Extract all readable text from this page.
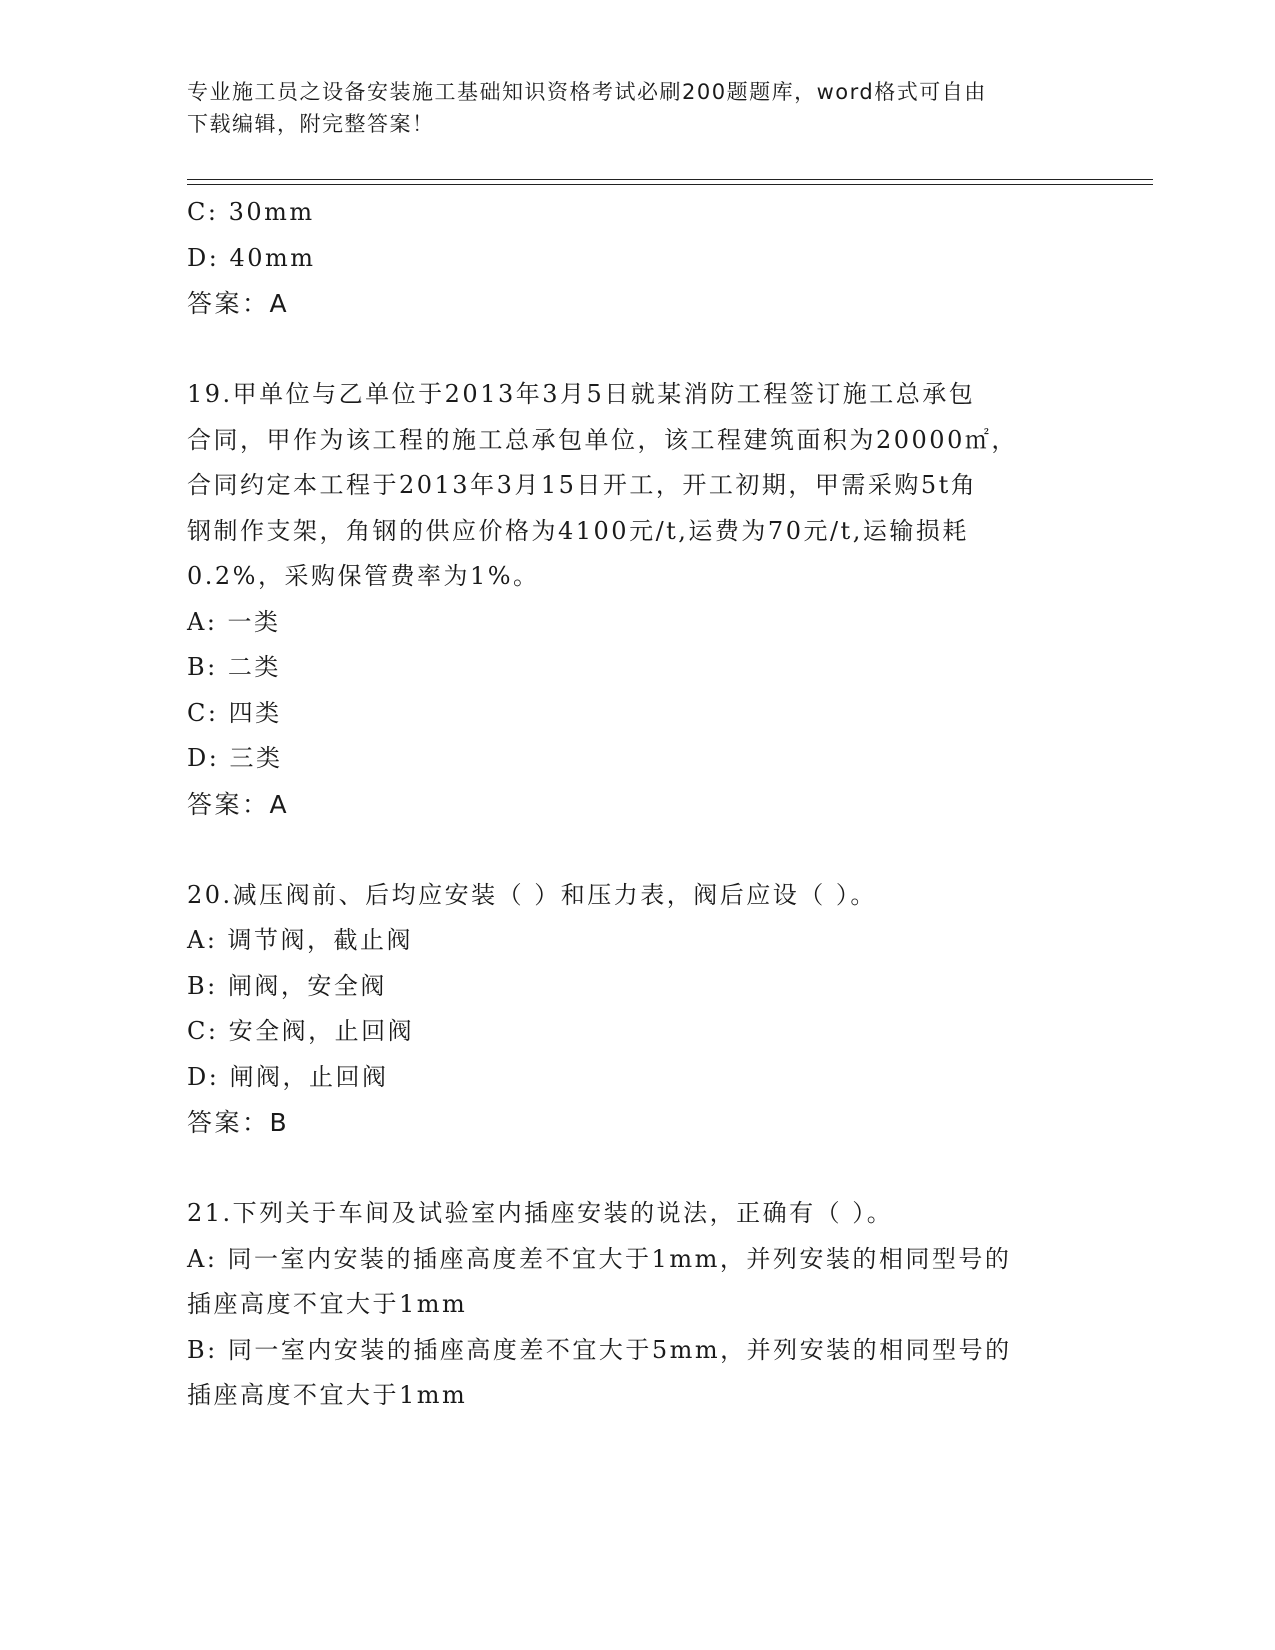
专业施工员之设备安装施工基础知识资格考试必刷200题题库，word格式可自由
下载编辑，附完整答案！
C: 30mm
D: 40mm
答案：A
19.甲单位与乙单位于2013年3月5日就某消防工程签订施工总承包
合同，甲作为该工程的施工总承包单位，该工程建筑面积为20000㎡，
合同约定本工程于2013年3月15日开工，开工初期，甲需采购5t角
钢制作支架，角钢的供应价格为4100元/t,运费为70元/t,运输损耗
0.2%，采购保管费率为1%。
A: 一类
B: 二类
C: 四类
D: 三类
答案：A
20.减压阀前、后均应安装（ ）和压力表，阀后应设（ ）。
A: 调节阀，截止阀
B: 闸阀，安全阀
C: 安全阀，止回阀
D: 闸阀，止回阀
答案：B
21.下列关于车间及试验室内插座安装的说法，正确有（ ）。
A: 同一室内安装的插座高度差不宜大于1mm，并列安装的相同型号的
插座高度不宜大于1mm
B: 同一室内安装的插座高度差不宜大于5mm，并列安装的相同型号的
插座高度不宜大于1mm
